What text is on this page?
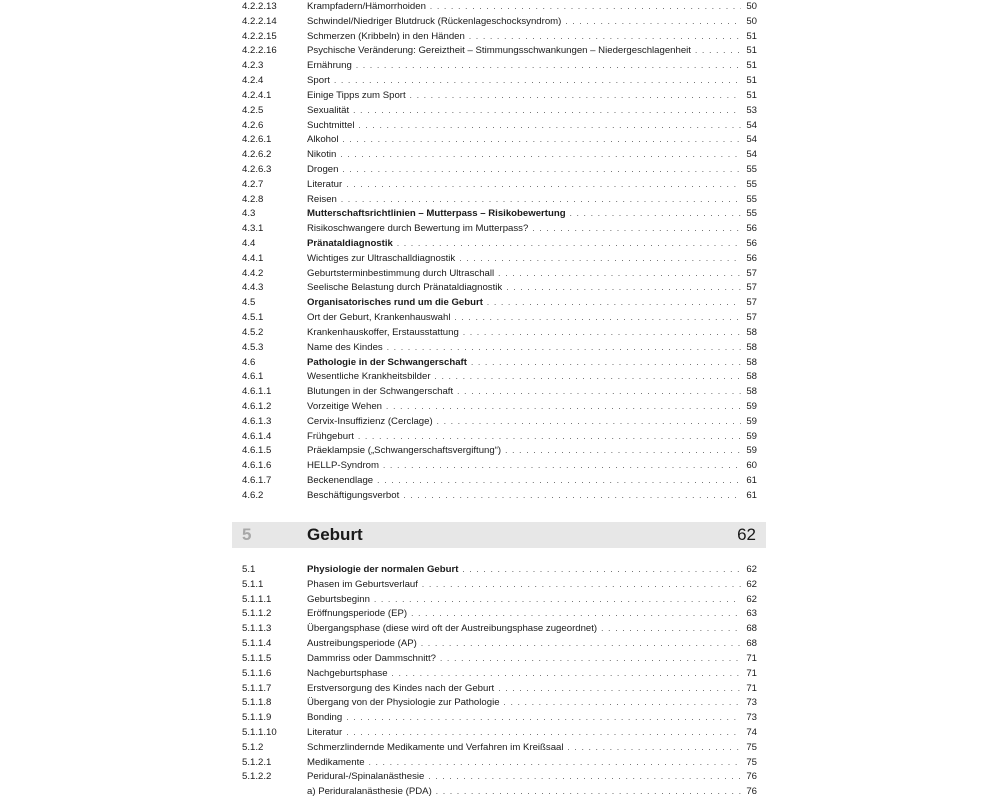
4.2.2.13	Krampfadern/Hämorrhoiden . . .	50
4.2.2.14	Schwindel/Niedriger Blutdruck (Rückenlageschocksyndrom) . . .	50
4.2.2.15	Schmerzen (Kribbeln) in den Händen . . .	51
4.2.2.16	Psychische Veränderung: Gereiztheit – Stimmungsschwankungen – Niedergeschlagenheit . . .	51
4.2.3	Ernährung . . .	51
4.2.4	Sport . . .	51
4.2.4.1	Einige Tipps zum Sport . . .	51
4.2.5	Sexualität . . .	53
4.2.6	Suchtmittel . . .	54
4.2.6.1	Alkohol . . .	54
4.2.6.2	Nikotin . . .	54
4.2.6.3	Drogen . . .	55
4.2.7	Literatur . . .	55
4.2.8	Reisen . . .	55
4.3	Mutterschaftsrichtlinien – Mutterpass – Risikobewertung . . .	55
4.3.1	Risikoschwangere durch Bewertung im Mutterpass? . . .	56
4.4	Pränataldiagnostik . . .	56
4.4.1	Wichtiges zur Ultraschalldiagnostik . . .	56
4.4.2	Geburtsterminbestimmung durch Ultraschall . . .	57
4.4.3	Seelische Belastung durch Pränataldiagnostik . . .	57
4.5	Organisatorisches rund um die Geburt . . .	57
4.5.1	Ort der Geburt, Krankenhauswahl . . .	57
4.5.2	Krankenhauskoffer, Erstausstattung . . .	58
4.5.3	Name des Kindes . . .	58
4.6	Pathologie in der Schwangerschaft . . .	58
4.6.1	Wesentliche Krankheitsbilder . . .	58
4.6.1.1	Blutungen in der Schwangerschaft . . .	58
4.6.1.2	Vorzeitige Wehen . . .	59
4.6.1.3	Cervix-Insuffizienz (Cerclage) . . .	59
4.6.1.4	Frühgeburt . . .	59
4.6.1.5	Präeklampsie („Schwangerschaftsvergiftung“) . . .	59
4.6.1.6	HELLP-Syndrom . . .	60
4.6.1.7	Beckenendlage . . .	61
4.6.2	Beschäftigungsverbot . . .	61
5	Geburt	62
5.1	Physiologie der normalen Geburt . . .	62
5.1.1	Phasen im Geburtsverlauf . . .	62
5.1.1.1	Geburtsbeginn . . .	62
5.1.1.2	Eröffnungsperiode (EP) . . .	63
5.1.1.3	Übergangsphase (diese wird oft der Austreibungsphase zugeordnet) . . .	68
5.1.1.4	Austreibungsperiode (AP) . . .	68
5.1.1.5	Dammriss oder Dammschnitt? . . .	71
5.1.1.6	Nachgeburtsphase . . .	71
5.1.1.7	Erstversorgung des Kindes nach der Geburt . . .	71
5.1.1.8	Übergang von der Physiologie zur Pathologie . . .	73
5.1.1.9	Bonding . . .	73
5.1.1.10	Literatur . . .	74
5.1.2	Schmerzlindernde Medikamente und Verfahren im Kreißsaal . . .	75
5.1.2.1	Medikamente . . .	75
5.1.2.2	Peridural-/Spinalanästhesie . . .	76
a) Periduralanästhesie (PDA) . . .	76
